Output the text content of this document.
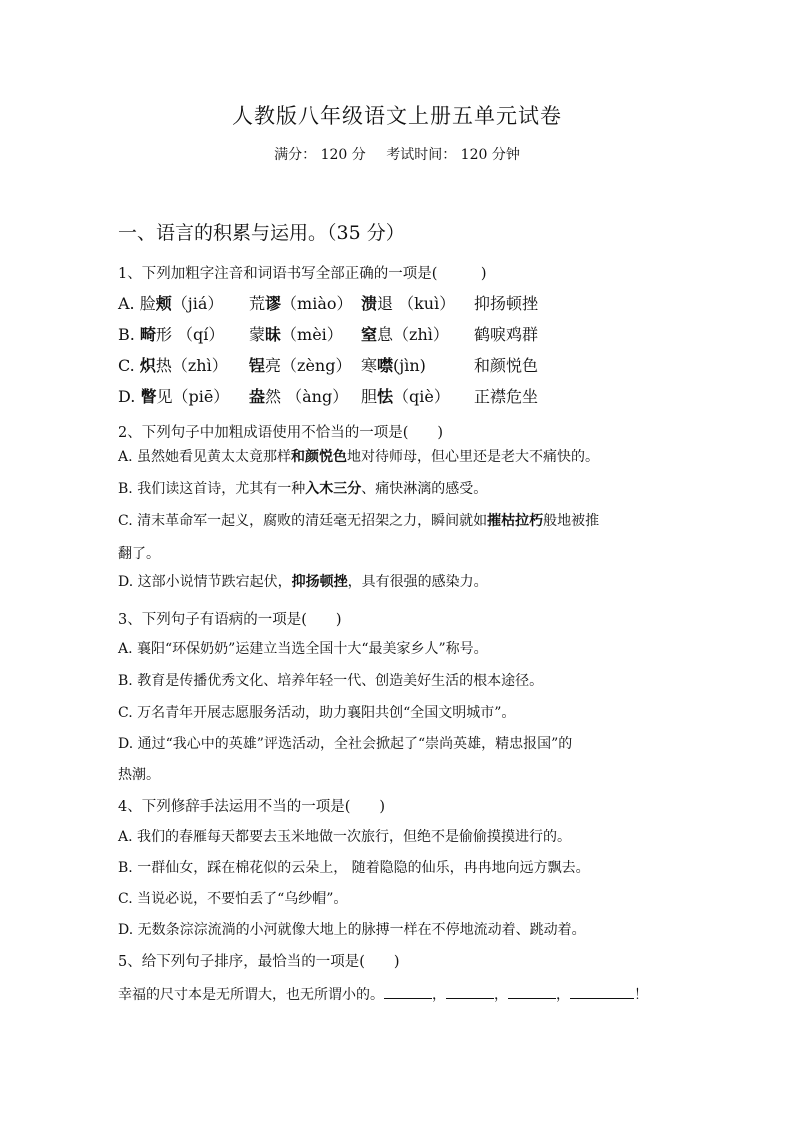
人教版八年级语文上册五单元试卷
满分： 120 分 考试时间： 120 分钟
一、语言的积累与运用。（35 分）
1、下列加粗字注音和词语书写全部正确的一项是(　　　)
A. 脸颊（jiá） 荒谬（miào） 溃退 （kuì） 抑扬顿挫
B. 畸形 （qí） 蒙昧（mèi） 窒息（zhì） 鹤唳鸡群
C. 炽热（zhì） 锃亮（zèng） 寒噤(jìn)	和颜悦色
D. 瞥见（piē） 盎然 （àng） 胆怯（qiè） 正襟危坐
2、下列句子中加粗成语使用不恰当的一项是(　　)
A. 虽然她看见黄太太竟那样和颜悦色地对待师母，但心里还是老大不痛快的。
B. 我们读这首诗，尤其有一种入木三分、痛快淋漓的感受。
C. 清末革命军一起义，腐败的清廷毫无招架之力，瞬间就如摧枯拉朽般地被推
翻了。
D. 这部小说情节跌宕起伏，抑扬顿挫，具有很强的感染力。
3、下列句子有语病的一项是(　　)
A. 襄阳“环保奶奶”运建立当选全国十大“最美家乡人”称号。
B. 教育是传播优秀文化、培养年轻一代、创造美好生活的根本途径。
C. 万名青年开展志愿服务活动，助力襄阳共创“全国文明城市”。
D. 通过“我心中的英雄”评选活动，全社会掀起了“崇尚英雄，精忠报国”的
热潮。
4、下列修辞手法运用不当的一项是(　　)
A. 我们的春雁每天都要去玉米地做一次旅行，但绝不是偷偷摸摸进行的。
B. 一群仙女，踩在棉花似的云朵上， 随着隐隐的仙乐，冉冉地向远方飘去。
C. 当说必说，不要怕丢了“乌纱帽”。
D. 无数条淙淙流淌的小河就像大地上的脉搏一样在不停地流动着、跳动着。
5、给下列句子排序，最恰当的一项是(　　)
幸福的尺寸本是无所谓大，也无所谓小的。	，	，	，	！
